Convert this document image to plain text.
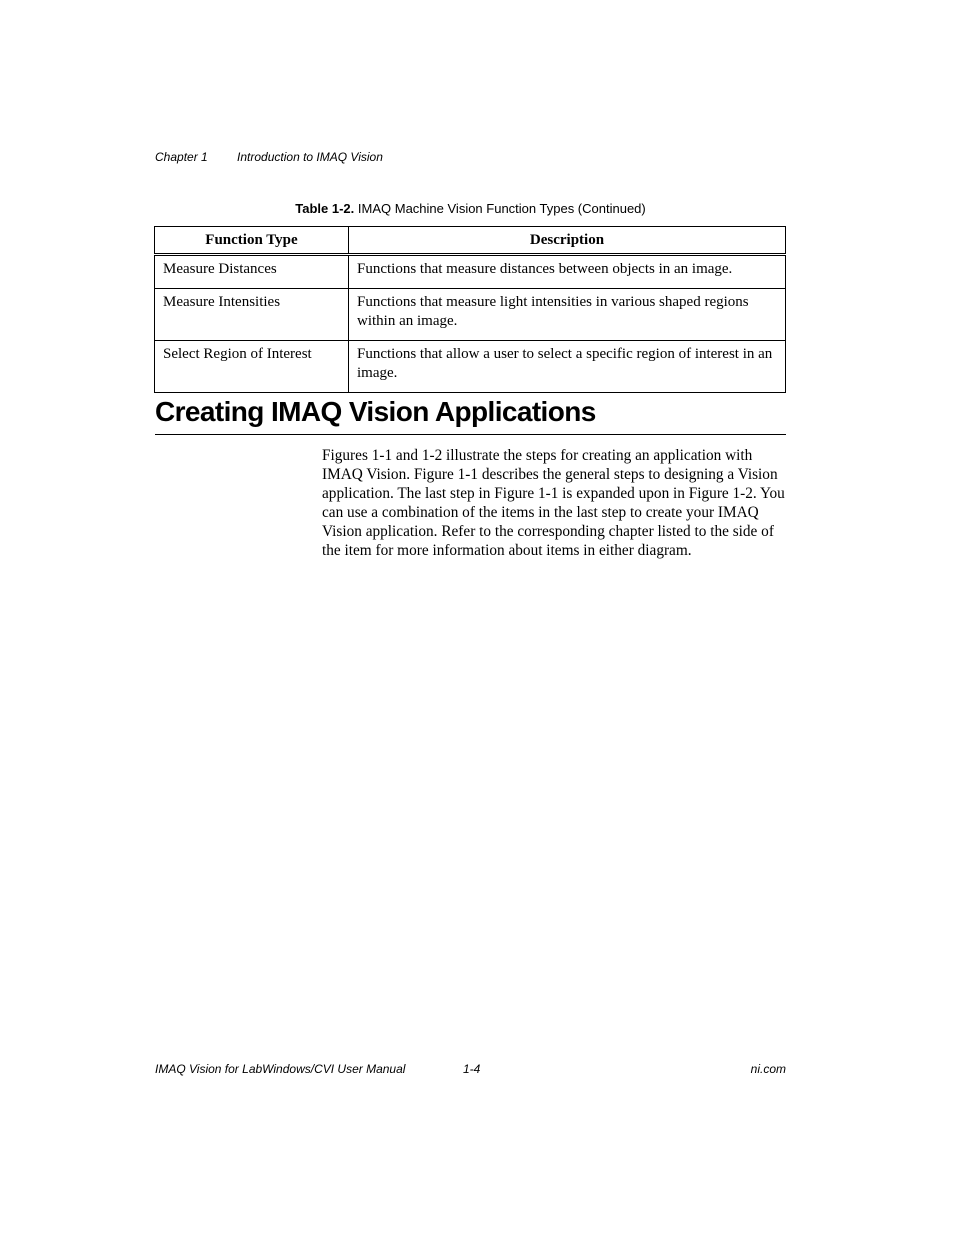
Chapter 1 Introduction to IMAQ Vision
Table 1-2. IMAQ Machine Vision Function Types (Continued)
Function Type	Description
Measure Distances	Functions that measure distances between objects in an image.
Measure Intensities	Functions that measure light intensities in various shaped regions within an image.
Select Region of Interest	Functions that allow a user to select a specific region of interest in an image.
Creating IMAQ Vision Applications

Figures 1-1 and 1-2 illustrate the steps for creating an application with IMAQ Vision. Figure 1-1 describes the general steps to designing a Vision application. The last step in Figure 1-1 is expanded upon in Figure 1-2. You can use a combination of the items in the last step to create your IMAQ Vision application. Refer to the corresponding chapter listed to the side of the item for more information about items in either diagram.

IMAQ Vision for LabWindows/CVI User Manual	1-4	ni.com
